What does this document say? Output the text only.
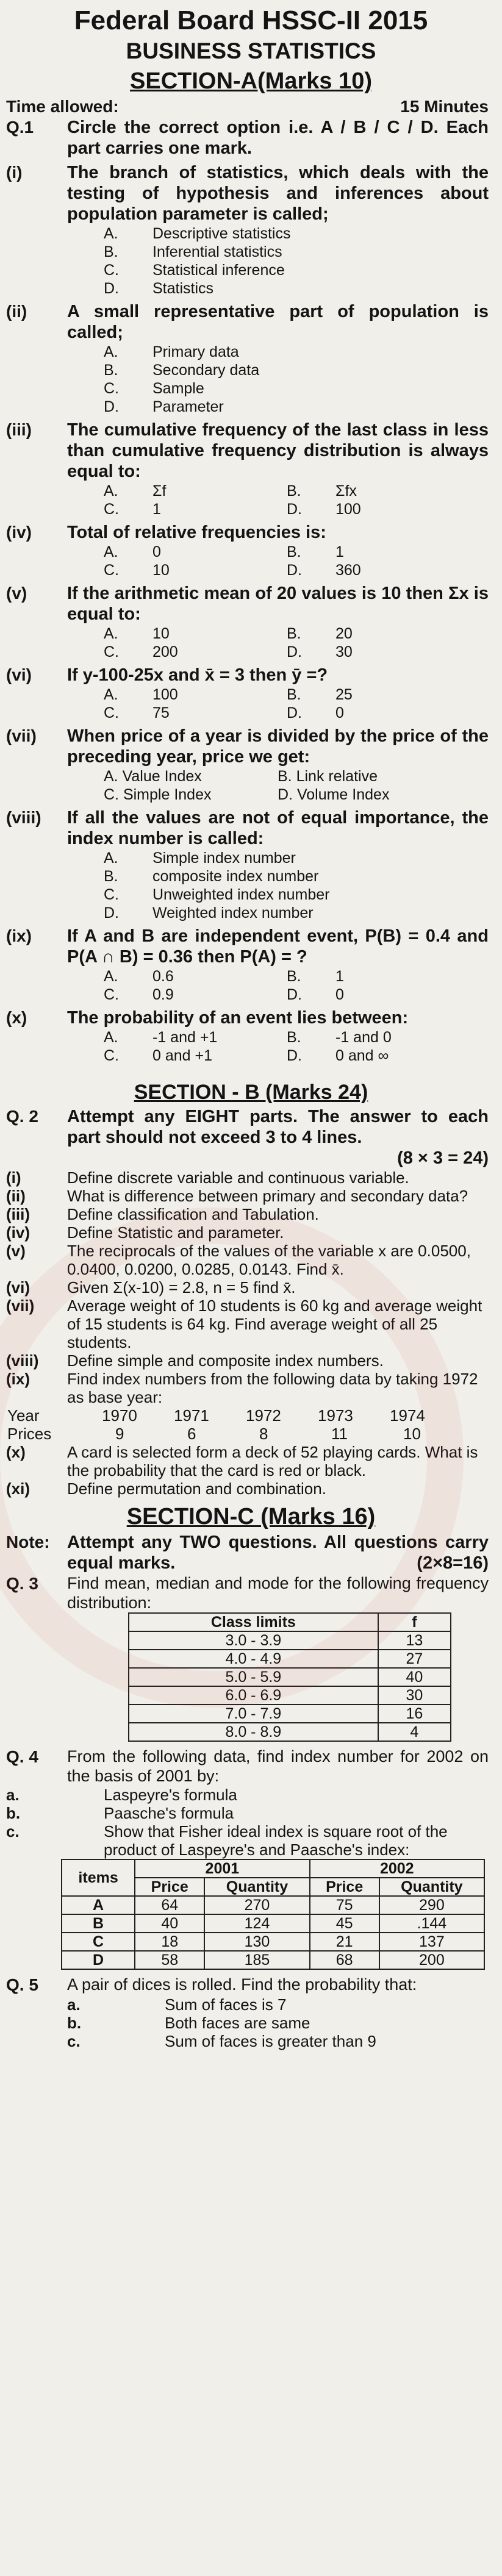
Federal Board HSSC-II 2015
BUSINESS STATISTICS
SECTION-A(Marks 10)
Time allowed:	15 Minutes
Q.1	Circle the correct option i.e. A / B / C / D. Each part carries one mark.
(i)	The branch of statistics, which deals with the testing of hypothesis and inferences about population parameter is called;
A.	Descriptive statistics
B.	Inferential statistics
C.	Statistical inference
D.	Statistics
(ii)	A small representative part of population is called;
A.	Primary data
B.	Secondary data
C.	Sample
D.	Parameter
(iii)	The cumulative frequency of the last class in less than cumulative frequency distribution is always equal to:
A.	Σf	B.	Σfx
C.	1	D.	100
(iv)	Total of relative frequencies is:
A.	0	B.	1
C.	10	D.	360
(v)	If the arithmetic mean of 20 values is 10 then Σx is equal to:
A.	10	B.	20
C.	200	D.	30
(vi)	If y-100-25x and x̄ = 3 then ȳ =?
A.	100	B.	25
C.	75	D.	0
(vii)	When price of a year is divided by the price of the preceding year, price we get:
A. Value Index	B. Link relative
C. Simple Index	D. Volume Index
(viii)	If all the values are not of equal importance, the index number is called:
A.	Simple index number
B.	composite index number
C.	Unweighted index number
D.	Weighted index number
(ix)	If A and B are independent event, P(B) = 0.4 and P(A ∩ B) = 0.36 then P(A) = ?
A.	0.6	B.	1
C.	0.9	D.	0
(x)	The probability of an event lies between:
A.	-1 and +1	B.	-1 and 0
C.	0 and +1	D.	0 and ∞
SECTION - B (Marks 24)
Q. 2	Attempt any EIGHT parts. The answer to each part should not exceed 3 to 4 lines.
(8 × 3 = 24)
(i)	Define discrete variable and continuous variable.
(ii)	What is difference between primary and secondary data?
(iii)	Define classification and Tabulation.
(iv)	Define Statistic and parameter.
(v)	The reciprocals of the values of the variable x are 0.0500, 0.0400, 0.0200, 0.0285, 0.0143. Find x̄.
(vi)	Given Σ(x-10) = 2.8, n = 5 find x̄.
(vii)	Average weight of 10 students is 60 kg and average weight of 15 students is 64 kg. Find average weight of all 25 students.
(viii)	Define simple and composite index numbers.
(ix)	Find index numbers from the following data by taking 1972 as base year:
Year	1970	1971	1972	1973	1974
Prices	9	6	8	11	10
(x)	A card is selected form a deck of 52 playing cards. What is the probability that the card is red or black.
(xi)	Define permutation and combination.
SECTION-C (Marks 16)
Note: Attempt any TWO questions. All questions carry equal marks.	(2×8=16)
Q. 3	Find mean, median and mode for the following frequency distribution:
Class limits	f
3.0 - 3.9	13
4.0 - 4.9	27
5.0 - 5.9	40
6.0 - 6.9	30
7.0 - 7.9	16
8.0 - 8.9	4
Q. 4	From the following data, find index number for 2002 on the basis of 2001 by:
a.	Laspeyre's formula
b.	Paasche's formula
c.	Show that Fisher ideal index is square root of the product of Laspeyre's and Paasche's index:
items	2001		2002	
	Price	Quantity	Price	Quantity
A	64	270	75	290
B	40	124	45	.144
C	18	130	21	137
D	58	185	68	200
Q. 5	A pair of dices is rolled. Find the probability that:
a.	Sum of faces is 7
b.	Both faces are same
c.	Sum of faces is greater than 9
